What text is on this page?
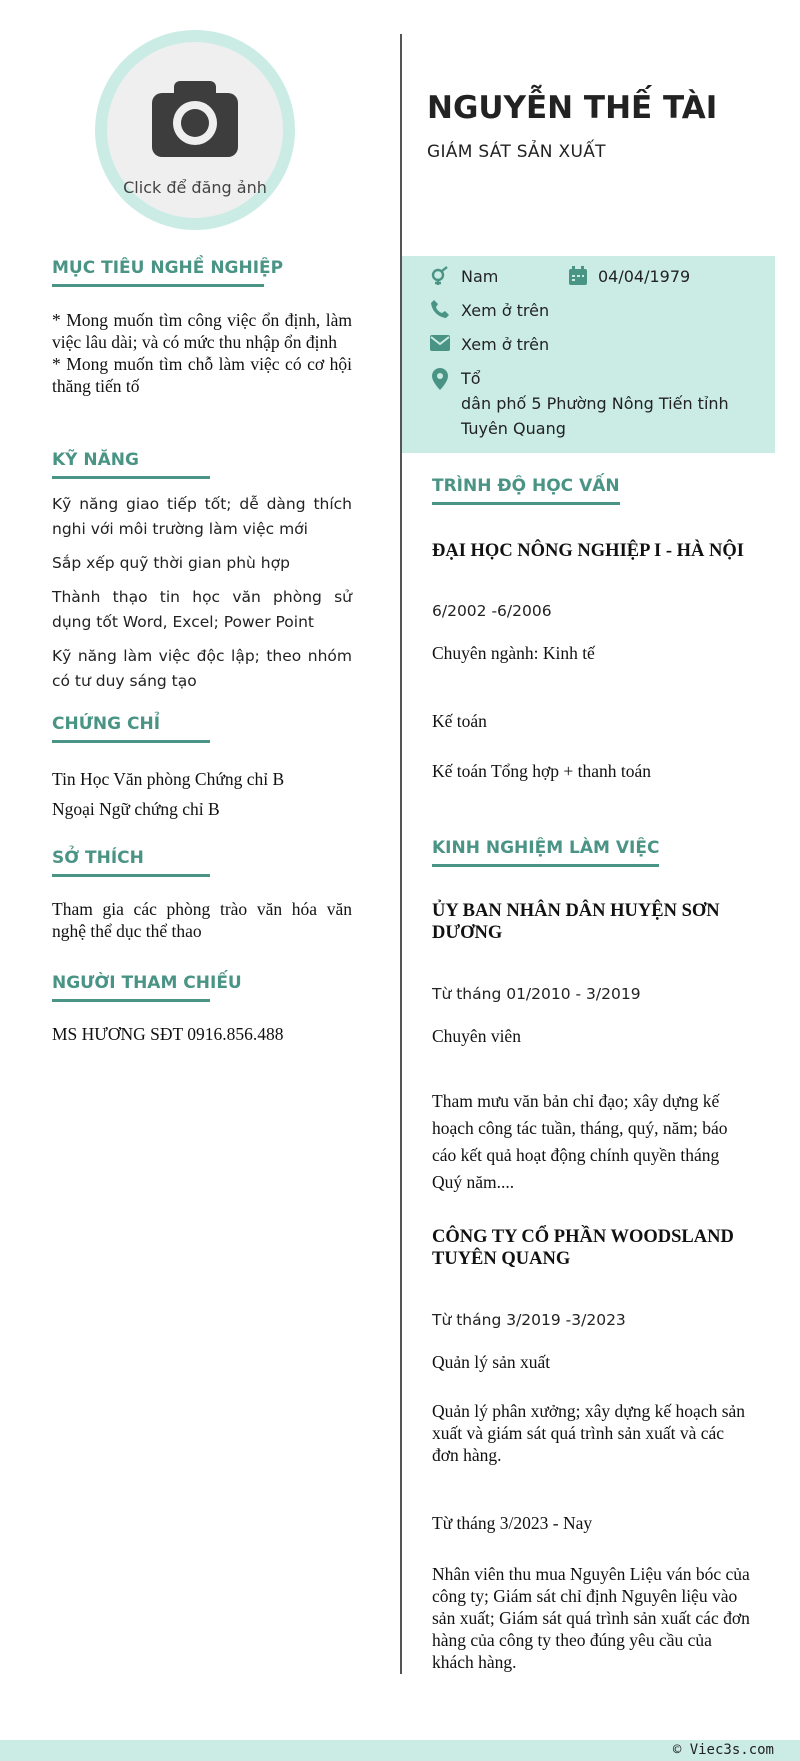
Click để đăng ảnh
NGUYỄN THẾ TÀI
GIÁM SÁT SẢN XUẤT
Nam	04/04/1979
Xem ở trên
Xem ở trên
Tổ
dân phố 5 Phường Nông Tiến tỉnh
Tuyên Quang
MỤC TIÊU NGHỀ NGHIỆP
* Mong muốn tìm công việc ổn định, làm việc lâu dài; và có mức thu nhập ổn định
* Mong muốn tìm chỗ làm việc có cơ hội thăng tiến tố
KỸ NĂNG
Kỹ năng giao tiếp tốt; dễ dàng thích nghi với môi trường làm việc mới
Sắp xếp quỹ thời gian phù hợp
Thành thạo tin học văn phòng sử dụng tốt Word, Excel; Power Point
Kỹ năng làm việc độc lập; theo nhóm có tư duy sáng tạo
CHỨNG CHỈ
Tin Học Văn phòng Chứng chỉ B
Ngoại Ngữ chứng chỉ B
SỞ THÍCH
Tham gia các phòng trào văn hóa văn nghệ thể dục thể thao
NGƯỜI THAM CHIẾU
MS HƯƠNG SĐT 0916.856.488
TRÌNH ĐỘ HỌC VẤN
ĐẠI HỌC NÔNG NGHIỆP I - HÀ NỘI
6/2002 -6/2006
Chuyên ngành: Kinh tế
Kế toán
Kế toán Tổng hợp + thanh toán
KINH NGHIỆM LÀM VIỆC
ỦY BAN NHÂN DÂN HUYỆN SƠN DƯƠNG
Từ tháng 01/2010 - 3/2019
Chuyên viên
Tham mưu văn bản chỉ đạo; xây dựng kế hoạch công tác tuần, tháng, quý, năm; báo cáo kết quả hoạt động chính quyền tháng Quý năm....
CÔNG TY CỔ PHẦN WOODSLAND TUYÊN QUANG
Từ tháng 3/2019 -3/2023
Quản lý sản xuất
Quản lý phân xưởng; xây dựng kế hoạch sản xuất và giám sát quá trình sản xuất và các đơn hàng.
Từ tháng 3/2023 - Nay
Nhân viên thu mua Nguyên Liệu ván bóc của công ty; Giám sát chỉ định Nguyên liệu vào sản xuất; Giám sát quá trình sản xuất các đơn hàng của công ty theo đúng yêu cầu của khách hàng.
© Viec3s.com
